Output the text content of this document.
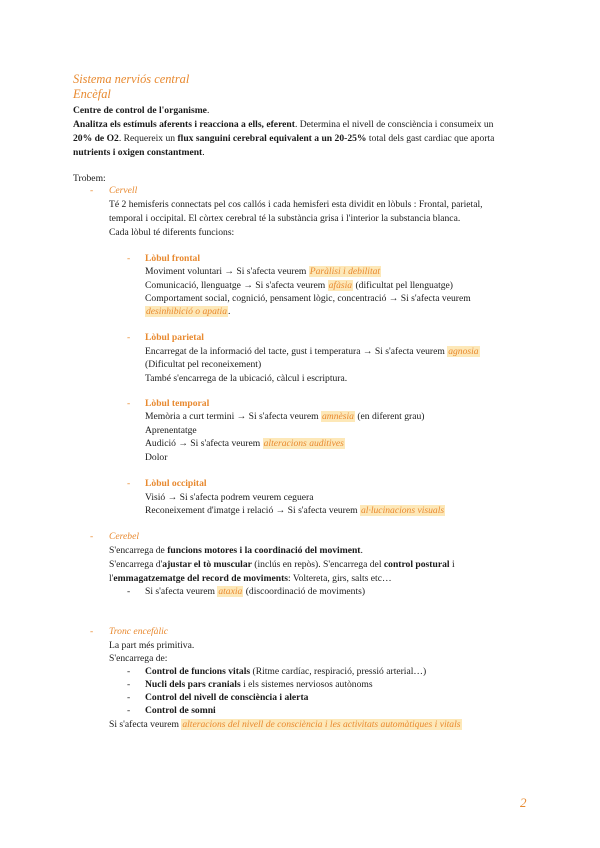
Sistema nerviós central
Encèfal
Centre de control de l'organisme.
Analitza els estímuls aferents i reacciona a ells, eferent. Determina el nivell de consciència i consumeix un
20% de O2. Requereix un flux sanguini cerebral equivalent a un 20-25% total dels gast cardiac que aporta
nutrients i oxigen constantment.
Trobem:
- Cervell
Té 2 hemisferis connectats pel cos callós i cada hemisferi esta dividit en lòbuls : Frontal, parietal,
temporal i occipital. El còrtex cerebral té la substància grisa i l'interior la substancia blanca.
Cada lòbul té diferents funcions:
- Lòbul frontal
Moviment voluntari → Si s'afecta veurem Paràlisi i debilitat
Comunicació, llenguatge → Si s'afecta veurem afàsia (dificultat pel llenguatge)
Comportament social, cognició, pensament lògic, concentració → Si s'afecta veurem
desinhibició o apatia.
- Lòbul parietal
Encarregat de la informació del tacte, gust i temperatura → Si s'afecta veurem agnosia
(Dificultat pel reconeixement)
També s'encarrega de la ubicació, càlcul i escriptura.
- Lòbul temporal
Memòria a curt termini → Si s'afecta veurem amnèsia (en diferent grau)
Aprenentatge
Audició → Si s'afecta veurem alteracions auditives
Dolor
- Lòbul occipital
Visió → Si s'afecta podrem veurem ceguera
Reconeixement d'imatge i relació → Si s'afecta veurem al·lucinacions visuals
- Cerebel
S'encarrega de funcions motores i la coordinació del moviment.
S'encarrega d'ajustar el tò muscular (inclús en repòs). S'encarrega del control postural i
l'emmagatzematge del record de moviments: Voltereta, girs, salts etc…
- Si s'afecta veurem ataxia (discoordinació de moviments)
- Tronc encefàlic
La part més primitiva.
S'encarrega de:
- Control de funcions vitals (Ritme cardíac, respiració, pressió arterial…)
- Nucli dels pars cranials i els sistemes nerviosos autònoms
- Control del nivell de consciència i alerta
- Control de somni
Si s'afecta veurem alteracions del nivell de consciència i les activitats automàtiques i vitals
2
